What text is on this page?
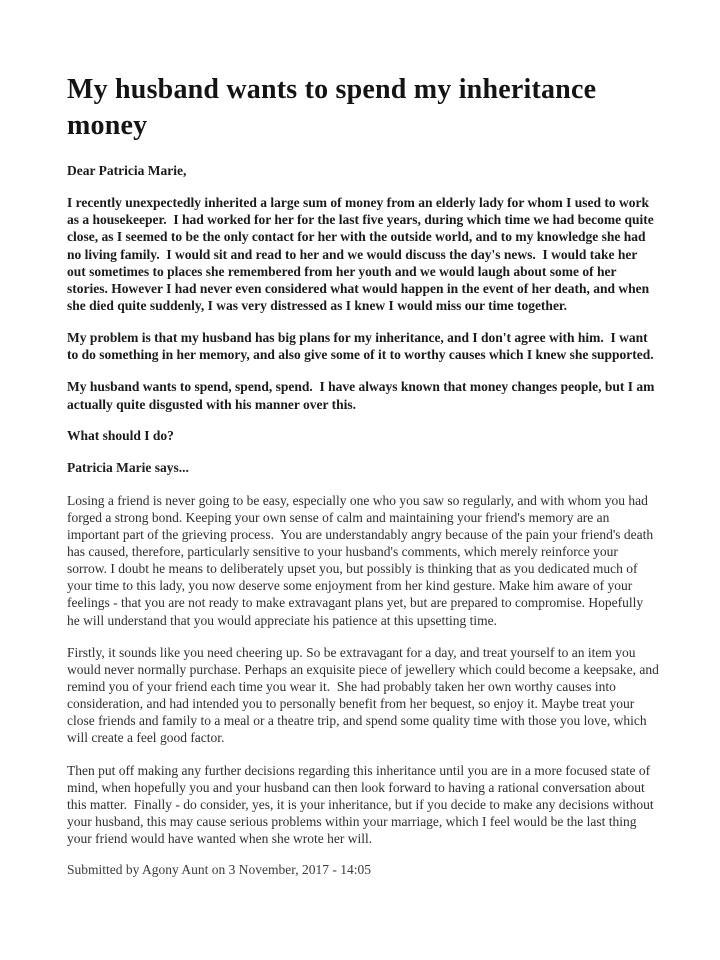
My husband wants to spend my inheritance money

Dear Patricia Marie,

I recently unexpectedly inherited a large sum of money from an elderly lady for whom I used to work as a housekeeper.  I had worked for her for the last five years, during which time we had become quite close, as I seemed to be the only contact for her with the outside world, and to my knowledge she had no living family.  I would sit and read to her and we would discuss the day's news.  I would take her out sometimes to places she remembered from her youth and we would laugh about some of her stories. However I had never even considered what would happen in the event of her death, and when she died quite suddenly, I was very distressed as I knew I would miss our time together.

My problem is that my husband has big plans for my inheritance, and I don't agree with him.  I want to do something in her memory, and also give some of it to worthy causes which I knew she supported.

My husband wants to spend, spend, spend.  I have always known that money changes people, but I am actually quite disgusted with his manner over this.

What should I do?

Patricia Marie says...

Losing a friend is never going to be easy, especially one who you saw so regularly, and with whom you had forged a strong bond. Keeping your own sense of calm and maintaining your friend's memory are an important part of the grieving process.  You are understandably angry because of the pain your friend's death has caused, therefore, particularly sensitive to your husband's comments, which merely reinforce your sorrow. I doubt he means to deliberately upset you, but possibly is thinking that as you dedicated much of your time to this lady, you now deserve some enjoyment from her kind gesture. Make him aware of your feelings - that you are not ready to make extravagant plans yet, but are prepared to compromise. Hopefully he will understand that you would appreciate his patience at this upsetting time.

Firstly, it sounds like you need cheering up. So be extravagant for a day, and treat yourself to an item you would never normally purchase. Perhaps an exquisite piece of jewellery which could become a keepsake, and remind you of your friend each time you wear it.  She had probably taken her own worthy causes into consideration, and had intended you to personally benefit from her bequest, so enjoy it. Maybe treat your close friends and family to a meal or a theatre trip, and spend some quality time with those you love, which will create a feel good factor.

Then put off making any further decisions regarding this inheritance until you are in a more focused state of mind, when hopefully you and your husband can then look forward to having a rational conversation about this matter.  Finally - do consider, yes, it is your inheritance, but if you decide to make any decisions without your husband, this may cause serious problems within your marriage, which I feel would be the last thing your friend would have wanted when she wrote her will.

Submitted by Agony Aunt on 3 November, 2017 - 14:05
